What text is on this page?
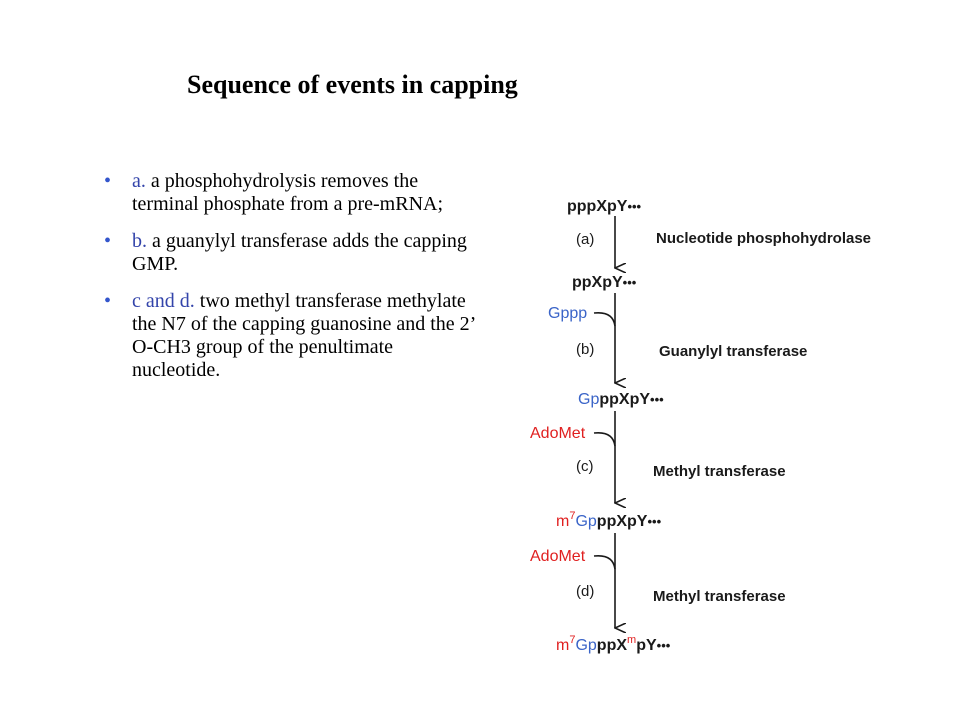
Sequence of events in capping
• a. a phosphohydrolysis removes the terminal phosphate from a pre-mRNA;
• b. a guanylyl transferase adds the capping GMP.
• c and d. two methyl transferase methylate the N7 of the capping guanosine and the 2’ O-CH3 group of the penultimate nucleotide.
pppXpY•••
(a)	Nucleotide phosphohydrolase
ppXpY•••
Gppp
(b)	Guanylyl transferase
GpppXpY•••
AdoMet
(c)	Methyl transferase
$m^7GpppXpY•••$
AdoMet
(d)	Methyl transferase
$m^7GpppX^mpY•••$
